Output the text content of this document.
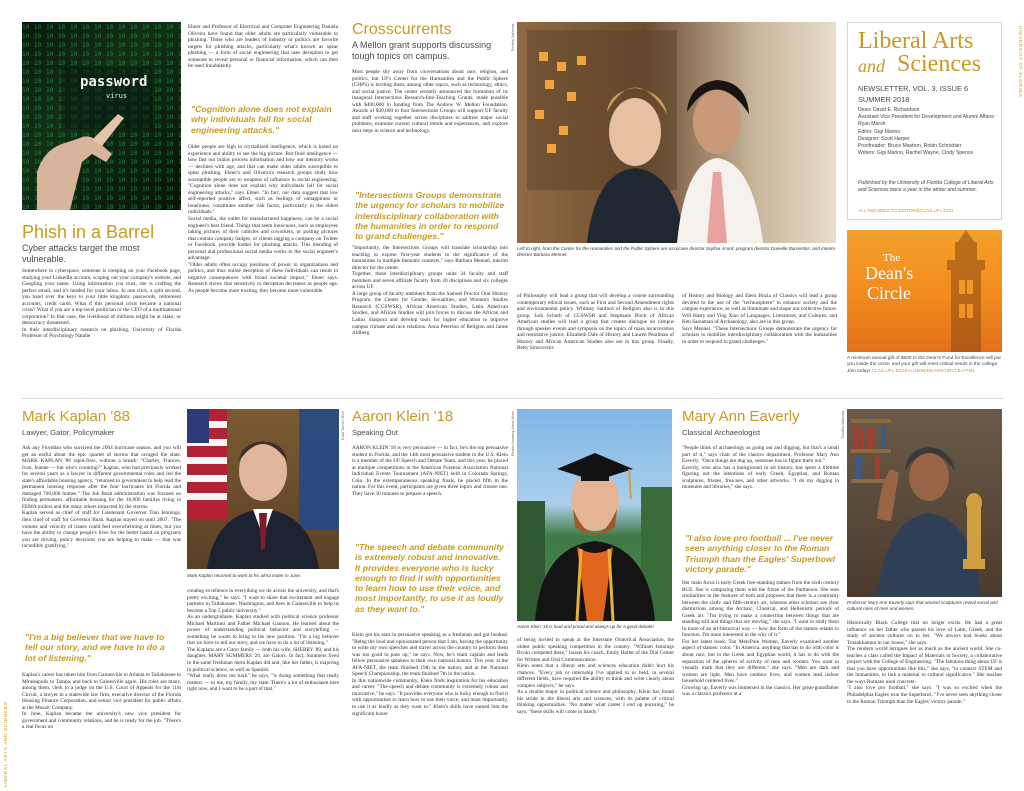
LIBERAL ARTS AND SCIENCES
UNIVERSITY OF FLORIDA
password
virus
Phish in a Barrel
Cyber attacks target the most vulnerable.
Somewhere in cyberspace, someone is creeping on your Facebook page, studying your LinkedIn account, scoping out your company's website, and Googling your name. Using information you trust, she is crafting the perfect email, and it's headed for your inbox. In one click, a split second, you hand over the keys to your little kingdom: passwords, retirement accounts, credit cards. What if this personal crisis became a national crisis? What if you are a top-level politician or the CEO of a multinational corporation? In that case, the livelihood of millions might be at stake, or democracy threatened.
In their interdisciplinary research on phishing, University of Florida Professor of Psychology Natalie
Ebner and Professor of Electrical and Computer Engineering Daniela Oliveira have found that older adults are particularly vulnerable to phishing. Those who are leaders of industry or politics are favorite targets for phishing attacks, particularly what's known as spear phishing — a form of social engineering that uses deception to get someone to reveal personal or financial information, which can then be used fraudulently.
"Cognition alone does not explain why individuals fall for social engineering attacks."
Older people are high in crystallized intelligence, which is based on experience and ability to see the big picture. But fluid intelligence — how fast our brains process information and how our memory works — declines with age, and that can make older adults susceptible to spear phishing. Ebner's and Oliveira's research groups study how susceptible people are to weapons of influence in social engineering. "Cognition alone does not explain why individuals fall for social engineering attacks," says Ebner. "In fact, our data suggest that low self-reported positive affect, such as feelings of unhappiness or loneliness, constitutes another risk factor, particularly in the oldest individuals."
Social media, the outlet for manufactured happiness, can be a social engineer's best friend. Things that seem innocuous, such as employees taking pictures of their cubicles and coworkers, or posting pictures that contain company badges, or clients tagging a company on Twitter or Facebook, provide fodder for phishing attacks. This blending of personal and professional social media works to the social engineer's advantage.
"Older adults often occupy positions of power in organizations and politics, and thus online deception of these individuals can result in negative consequences with broad societal impact," Ebner says. Research shows that sensitivity to deception decreases as people age. As people become more trusting, they become more vulnerable.
Crosscurrents
A Mellon grant supports discussing tough topics on campus.
Most people shy away from conversations about race, religion, and politics, but UF's Center for the Humanities and the Public Sphere (CHPS) is inviting them, among other topics, such as technology, ethics, and social justice. The center recently announced the formation of its inaugural Intersections Research-Into-Teaching Grants, made possible with $400,000 in funding from The Andrew W. Mellon Foundation. Awards of $30,000 to four Intersections Groups will support UF faculty and staff working together across disciplines to address major social problems, examine current cultural trends and experiences, and explore next steps in science and technology.
"Intersections Groups demonstrate the urgency for scholars to mobilize interdisciplinary collaboration with the humanities in order to respond to grand challenges."
"Importantly, the Intersections Groups will translate scholarship into teaching to expose first-year students to the significance of the humanities in multiple thematic contexts," says Barbara Mennel, interim director for the center.
Together, these interdisciplinary groups unite 24 faculty and staff members and seven affiliate faculty from 20 disciplines and six colleges across UF.
A large group of faculty members from the Samuel Proctor Oral History Program, the Center for Gender, Sexualities, and Women's Studies Research (CGSWSR), African American Studies, Latin American Studies, and African Studies will join forces to discuss the African and Latinx diaspora and develop tools for higher education to improve campus climate and race relations. Anna Peterson of Religion and Jaime Aldberg
Timothy Sallenba
Left to right, from the Center for the Humanities and the Public Sphere are associate director Sophia Acord, program director Danielle Barrientos, and interim director Barbara Mennel.
of Philosophy will lead a group that will develop a course surrounding contemporary ethical issues, such as First and Second Amendment rights and environmental policy. Whitney Sanford of Religion also is in this group. Jodi Schorb of CGSWSR and Stephanie Birch of African American studies will lead a group that creates dialogue on campus through speaker events and symposia on the topics of mass incarceration and restorative justice. Elizabeth Dale of History and Lauren Pearlman of History and African American Studies also are in this group. Finally, Betty Smocovitis
of History and Biology and Eleni Bozia of Classics will lead a group devoted to the use of the "technosphere" to enhance society and the campus experience, as well as illuminate and shape our collective future. Will Hasty and Ying Xiao of Languages, Literatures, and Cultures, and Ken Sassaman of Archaeology, also are in this group.
Says Mennel, "These Intersections Groups demonstrate the urgency for scholars to mobilize interdisciplinary collaboration with the humanities in order to respond to grand challenges."
Liberal Arts
and Sciences
NEWSLETTER, VOL. 3, ISSUE 6
SUMMER 2018
Dean: David E. Richardson
Assistant Vice President for Development and Alumni Affairs: Ryan Marsh
Editor: Gigi Marino
Designer: Scott Harper
Proofreader: Bruce Mastron, Robin Schriebier
Writers: Gigi Marino, Rachel Wayne, Cindy Spence
Published by the University of Florida College of Liberal Arts and Sciences twice a year in the winter and summer.
ALL INQUIRES TO EDITOR@CLAS.UFL.EDU
The
Dean's
Circle
A minimum annual gift of $500 to the Dean's Fund for Excellence will put you inside the circle, and your gift will meet critical needs in the college. Join today! CLAS.UFL.EDU/ALUMNI/DEANSCIRCLE.HTML
Mark Kaplan '88
Lawyer, Gator, Policymaker
Ask any Floridian who survived the 2004 hurricane season, and you will get an earful about the epic quartet of storms that ravaged the state. MARK KAPLAN '88 rapid-fires, without a breath: "Charley, Frances, Ivan, Jeanne — but who's counting?" Kaplan, who had previously worked for several years as a lawyer in different governmental roles and led the state's affordable housing agency, "returned to government to help lead the permanent housing response after the four hurricanes hit Florida and damaged 700,000 homes." The Job Bush administration was focused on finding permanent, affordable housing for the 16,000 families living in FEMA trailers and the many others impacted by the storms.
Kaplan served as chief of staff for Lieutenant Governor Toni Jennings, then chief of staff for Governor Bush. Kaplan stayed on until 2007. "The volume and velocity of issues could feel overwhelming at times, but you have the ability to change people's lives for the better based on programs you are driving, policy decisions you are helping to make — that was incredibly gratifying."
"I'm a big believer that we have to tell our story, and we have to do a lot of listening."
Kaplan's career has taken him from Gainesville to Atlanta to Tallahassee to Minneapolis to Tampa, and back to Gainesville again. His roles are many, among them, clerk to a judge on the U.S. Court of Appeals for the 11th Circuit, a lawyer in a statewide law firm, executive director of the Florida Housing Finance Corporation, and senior vice president for public affairs at the Mosaic Company.
In June, Kaplan became the university's new vice president for government and community relations, and he is ready for the job. "There's a real focus on
Brad Tannen-Rice
Mark Kaplan returned to work at his alma mater in June.
creating excellence in everything we do across the university, and that's pretty exciting," he says. "I want to share that excitement and engage partners in Tallahassee, Washington, and here in Gainesville to help us become a Top 5 public university."
As an undergraduate, Kaplan studied with political science professor Michael Martinez and Father Michael Gannon. He learned about the power of understanding political behavior and storytelling — something he wants to bring to his new position. "I'm a big believer that we have to tell our story, and we have to do a lot of listening."
The Kaplans are a Gator family — both his wife, SHERRY '89, and his daughter, MARY SUMMERS '20, are Gators. In fact, Summers lived in the same freshman dorm Kaplan did and, like her father, is majoring in political science, as well as Spanish.
"What really drew me back" he says, "is doing something that really matters — to me, my family, my state. There's a lot of enthusiasm here right now, and I want to be a part of that."
Aaron Klein '18
Speaking Out
AARON KLEIN '18 is very persuasive — in fact, he's the top persuasive student in Florida, and the 14th most persuasive student in the U.S. Klein is a member of the UF Speech and Debate Team, and this year, he placed at multiple competitions in the American Forensic Association National Individual Events Tournament (AFA-NIET) held in Colorado Springs, Colo. In the extemporaneous speaking finals, he placed fifth in the nation. For this event, participants are given three topics and choose one. They have 30 minutes to prepare a speech.
"The speech and debate community is extremely robust and innovative. It provides everyone who is lucky enough to find it with opportunities to learn how to use their voice, and most importantly, to use it as loudly as they want to."
Klein got his start in persuasive speaking as a freshman and got hooked. "Being the loud and opinionated person that I am, having the opportunity to write my own speeches and travel across the country to perform them was too good to pass up," he says. Now, he's team captain and leads fellow persuasive speakers to their own national honors. This year, at the AFA-NIET, the team finished 19th in the nation, and at the National Speech Championship, the team finished 7th in the nation.
In this nationwide community, Klein finds inspiration for his education and career. "The speech and debate community is extremely robust and innovative," he says. "It provides everyone who is lucky enough to find it with opportunities to learn how to use their voice, and most importantly, to use it as loudly as they want to." Klein's skills have earned him the significant honor
Photos courtesy Aaron Klein
Aaron Klein '18 is loud and proud and always up for a good debate!
of being invited to speak at the Interstate Oratorical Association, the oldest public speaking competition in the country. "William Jennings Bryan competed there," boasts his coach, Emily Butler of the Dial Center for Written and Oral Communication.
Klein notes that a liberal arts and sciences education didn't hurt his chances. "Every job or internship I've applied to or held, in several different fields, have required the ability to think and write clearly about complex subjects," he says.
As a double major in political science and philosophy, Klein has found his stride in the liberal arts and sciences, with its palette of critical thinking opportunities. "No matter what career I end up pursuing," he says, "these skills will come in handy."
Mary Ann Eaverly
Classical Archaeologist
"People think of archaeology as going out and digging, but that's a small part of it," says chair of the classics department, Professor Mary Ann Eaverly. "Once things are dug up, someone has to figure them out."
Eaverly, who also has a background in art history, has spent a lifetime figuring out the intentions of early Greek, Egyptian, and Roman sculptures, friezes, frescoes, and other artworks. "I do my digging in museums and libraries," she says.
"I also love pro football ... I've never seen anything closer to the Roman Triumph than the Eagles' Superbowl victory parade."
Her main focus is early Greek free-standing statues from the sixth century BCE. She is comparing them with the frieze of the Parthenon. She sees similarities in the features of both and proposes that there is a continuity between the sixth- and fifth-century art, whereas other scholars see clear distinctions among the Archaic, Classical, and Hellenistic periods of Greek art. "I'm trying to make a connection between things that are standing still and things that are moving," she says. "I want to study them in more of an art-historical way — how the form of the statues relates to function. I'm more interested in the why of it."
For her latest book, Tan Men/Pale Women, Eaverly examined another aspect of statues: color. "In America, anything that has to do with color is about race, but in the Greek and Egyptian world, it has to do with the separation of the spheres of activity of men and women. You want to visually mark that they are different," she says. "Men are dark and women are light. Men have outdoor lives, and women lead indoor household centered lives."
Growing up, Eaverly was immersed in the classics. Her great-grandfather was a classics professor at a
Timothy Sallenba
Professor Mary Ann Eaverly says that ancient sculptures reveal social and cultural roles of men and women.
Historically Black College that no longer exists. He had a great influence on her father who passed his love of Latin, Greek, and the study of ancient cultures on to her. "We always had books about Tutankhamun in our house," she says.
The modern world intrigues her as much as the ancient world. She co-teaches a class called the Impact of Materials in Society, a collaborative project with the College of Engineering. "The fabulous thing about UF is that you have opportunities like this," she says, "to connect STEM and the humanities, to link a material to cultural significance." She teaches the ways Romans used concrete.
"I also love pro football," she says. "I was so excited when the Philadelphia Eagles won the Superbowl. "I've never seen anything closer to the Roman Triumph than the Eagles' victory parade."
